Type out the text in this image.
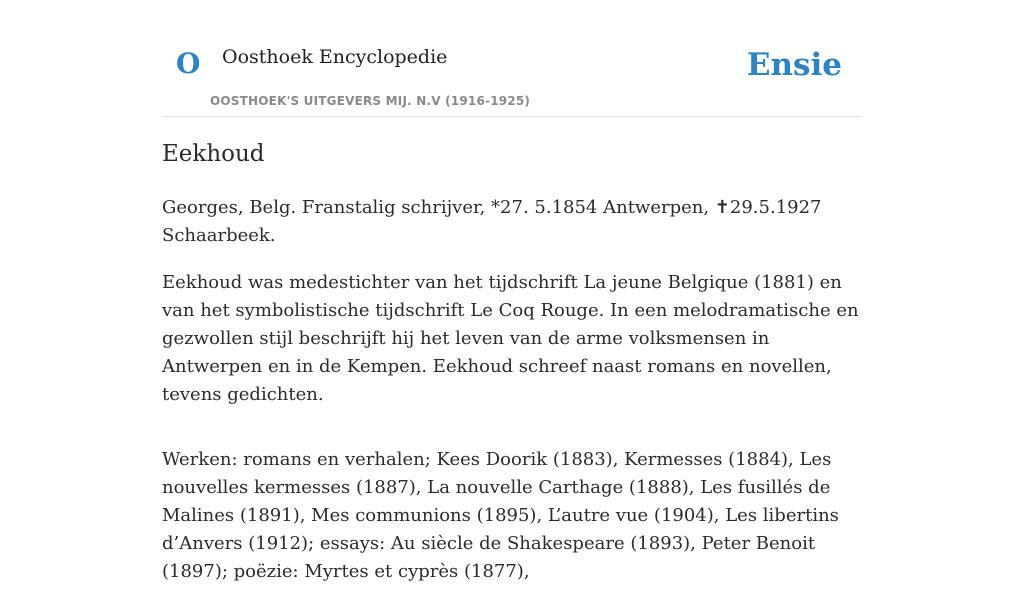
O Oosthoek Encyclopedie
OOSTHOEK'S UITGEVERS MIJ. N.V (1916-1925)
Ensie
Eekhoud

Georges, Belg. Franstalig schrijver, *27. 5.1854 Antwerpen, ✝29.5.1927 Schaarbeek.

Eekhoud was medestichter van het tijdschrift La jeune Belgique (1881) en van het symbolistische tijdschrift Le Coq Rouge. In een melodramatische en gezwollen stijl beschrijft hij het leven van de arme volksmensen in Antwerpen en in de Kempen. Eekhoud schreef naast romans en novellen, tevens gedichten.

Werken: romans en verhalen; Kees Doorik (1883), Kermesses (1884), Les nouvelles kermesses (1887), La nouvelle Carthage (1888), Les fusillés de Malines (1891), Mes communions (1895), L’autre vue (1904), Les libertins d’Anvers (1912); essays: Au siècle de Shakespeare (1893), Peter Benoit (1897); poëzie: Myrtes et cyprès (1877),
